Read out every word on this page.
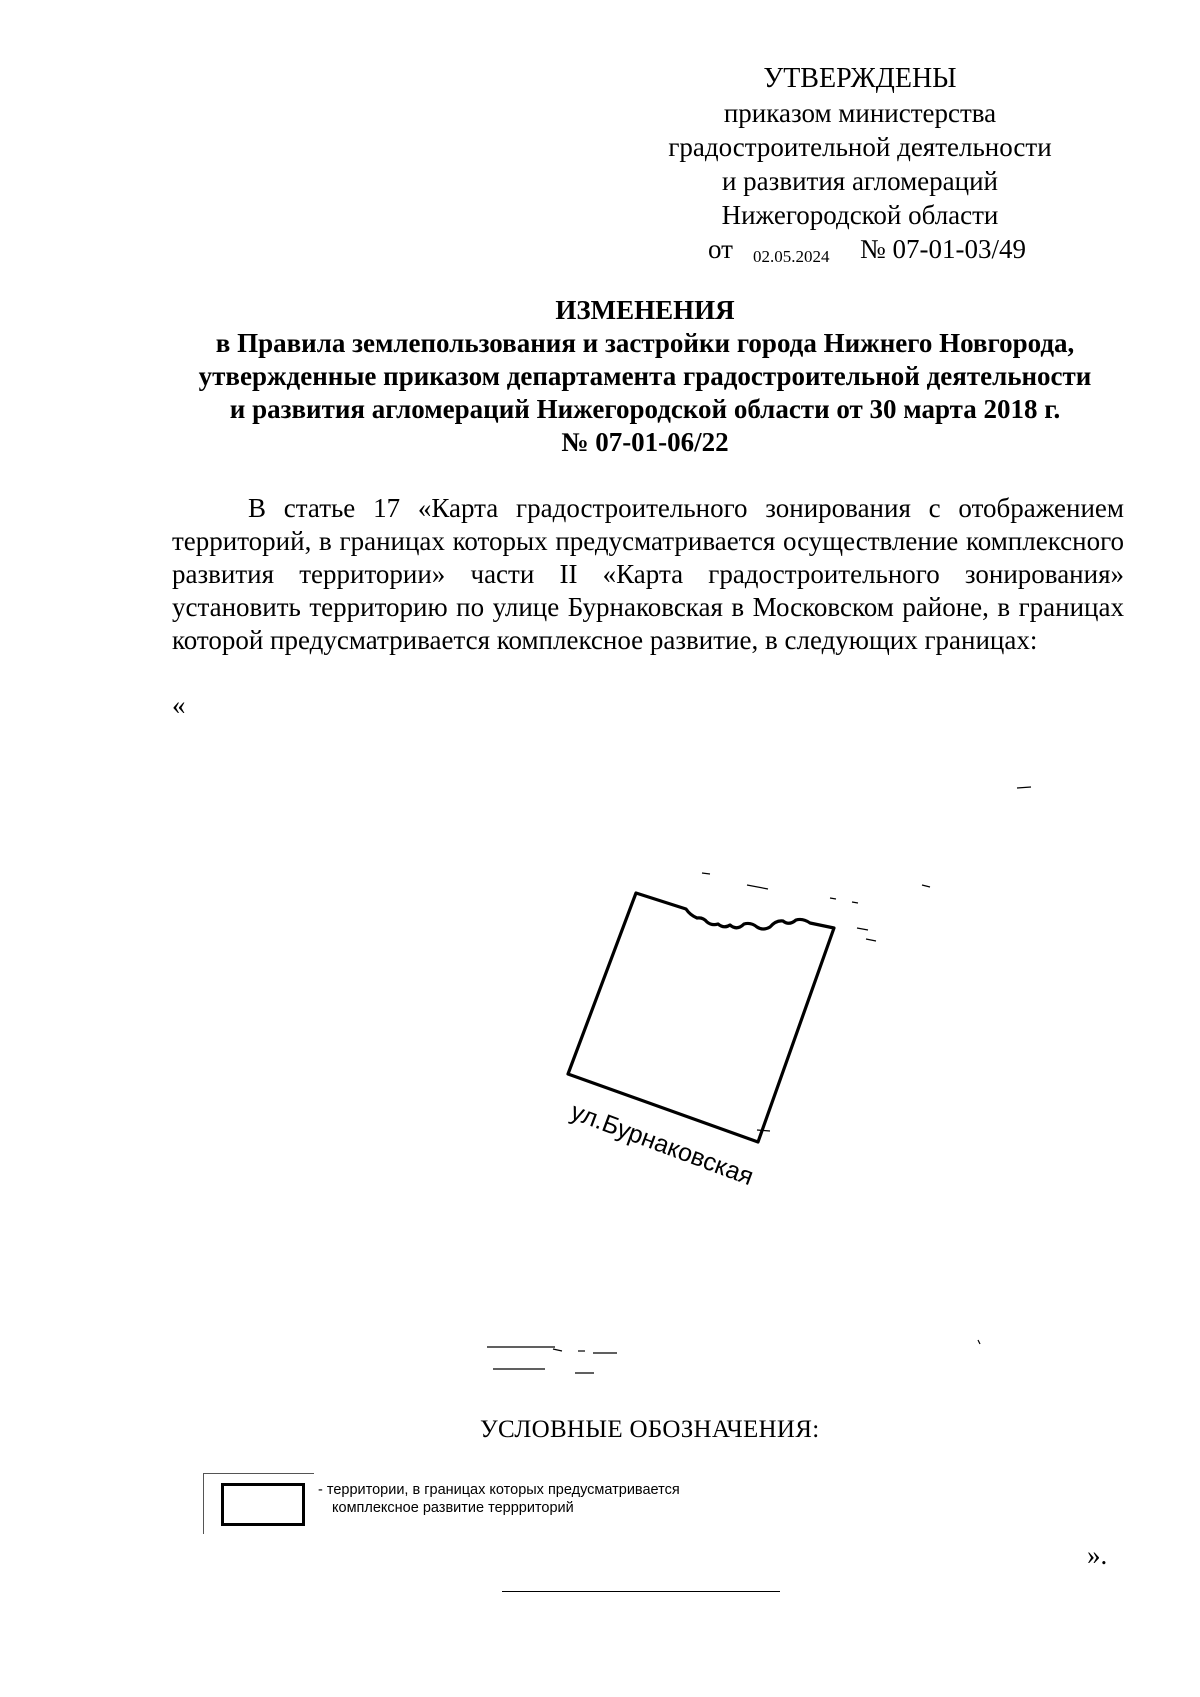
УТВЕРЖДЕНЫ
приказом министерства
градостроительной деятельности
и развития агломераций
Нижегородской области
от 02.05.2024 № 07-01-03/49
ИЗМЕНЕНИЯ
в Правила землепользования и застройки города Нижнего Новгорода,
утвержденные приказом департамента градостроительной деятельности
и развития агломераций Нижегородской области от 30 марта 2018 г.
№ 07-01-06/22

В статье 17 «Карта градостроительного зонирования с отображением территорий, в границах которых предусматривается осуществление комплексного развития территории» части II «Карта градостроительного зонирования» установить территорию по улице Бурнаковская в Московском районе, в границах которой предусматривается комплексное развитие, в следующих границах:

«
ул.Бурнаковская
УСЛОВНЫЕ ОБОЗНАЧЕНИЯ:
- территории, в границах которых предусматривается
комплексное развитие террриторий
».
